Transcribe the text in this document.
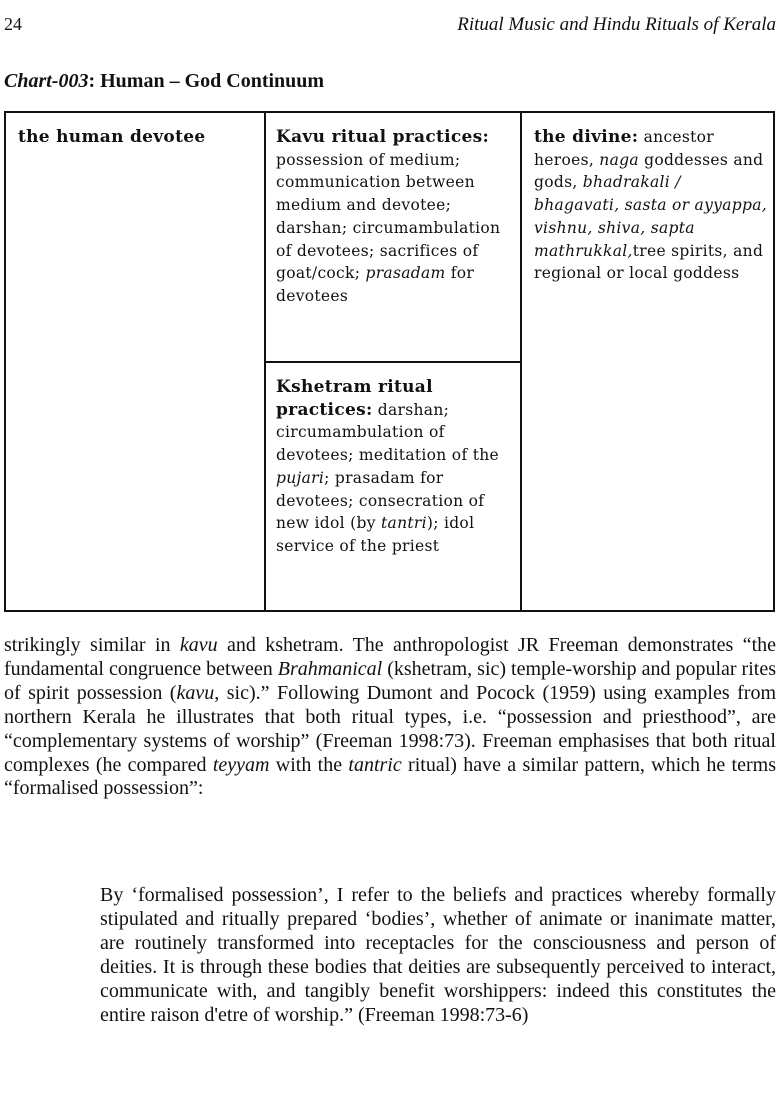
24	Ritual Music and Hindu Rituals of Kerala
Chart-003: Human – God Continuum
the human devotee	Kavu ritual practices: possession of medium; communication between medium and devotee; darshan; circumambulation of devotees; sacrifices of goat/cock; prasadam for devotees
Kshetram ritual practices: darshan; circumambulation of devotees; meditation of the pujari; prasadam for devotees; consecration of new idol (by tantri); idol service of the priest
the divine: ancestor heroes, naga goddesses and gods, bhadrakali / bhagavati, sasta or ayyappa, vishnu, shiva, sapta mathrukkal,tree spirits, and regional or local goddess

strikingly similar in kavu and kshetram. The anthropologist JR Freeman demonstrates “the fundamental congruence between Brahmanical (kshetram, sic) temple-worship and popular rites of spirit possession (kavu, sic).” Following Dumont and Pocock (1959) using examples from northern Kerala he illustrates that both ritual types, i.e. “possession and priesthood”, are “complementary systems of worship” (Freeman 1998:73). Freeman emphasises that both ritual complexes (he compared teyyam with the tantric ritual) have a similar pattern, which he terms “formalised possession”:

By ‘formalised possession’, I refer to the beliefs and practices whereby formally stipulated and ritually prepared ‘bodies’, whether of animate or inanimate matter, are routinely transformed into receptacles for the consciousness and person of deities. It is through these bodies that deities are subsequently perceived to interact, communicate with, and tangibly benefit worshippers: indeed this constitutes the entire raison d'etre of worship.” (Freeman 1998:73-6)
